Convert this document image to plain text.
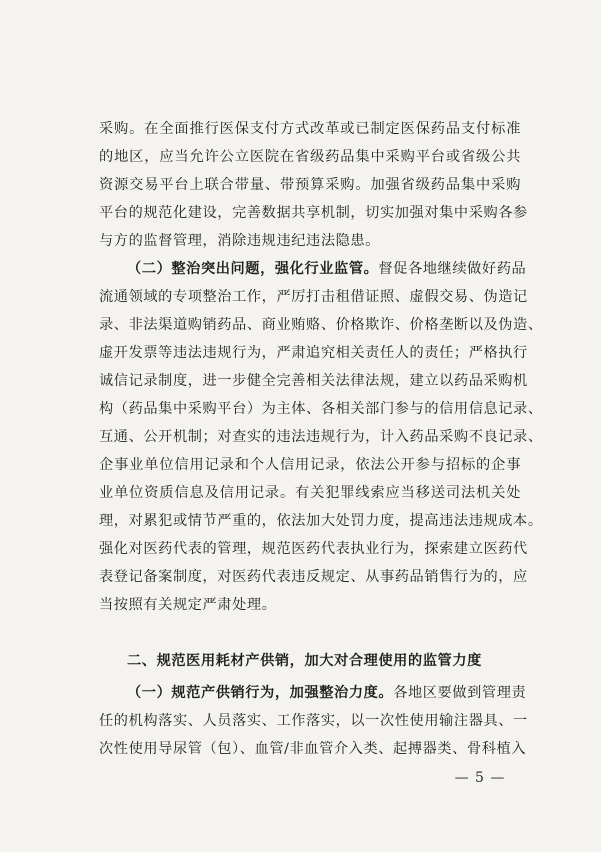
采购。在全面推行医保支付方式改革或已制定医保药品支付标准
的地区，应当允许公立医院在省级药品集中采购平台或省级公共
资源交易平台上联合带量、带预算采购。加强省级药品集中采购
平台的规范化建设，完善数据共享机制，切实加强对集中采购各参
与方的监督管理，消除违规违纪违法隐患。
（二）整治突出问题，强化行业监管。督促各地继续做好药品
流通领域的专项整治工作，严厉打击租借证照、虚假交易、伪造记
录、非法渠道购销药品、商业贿赂、价格欺诈、价格垄断以及伪造、
虚开发票等违法违规行为，严肃追究相关责任人的责任；严格执行
诚信记录制度，进一步健全完善相关法律法规，建立以药品采购机
构（药品集中采购平台）为主体、各相关部门参与的信用信息记录、
互通、公开机制；对查实的违法违规行为，计入药品采购不良记录、
企事业单位信用记录和个人信用记录，依法公开参与招标的企事
业单位资质信息及信用记录。有关犯罪线索应当移送司法机关处
理，对累犯或情节严重的，依法加大处罚力度，提高违法违规成本。
强化对医药代表的管理，规范医药代表执业行为，探索建立医药代
表登记备案制度，对医药代表违反规定、从事药品销售行为的，应
当按照有关规定严肃处理。
二、规范医用耗材产供销，加大对合理使用的监管力度
（一）规范产供销行为，加强整治力度。各地区要做到管理责
任的机构落实、人员落实、工作落实，以一次性使用输注器具、一
次性使用导尿管（包）、血管/非血管介入类、起搏器类、骨科植入
— 5 —
